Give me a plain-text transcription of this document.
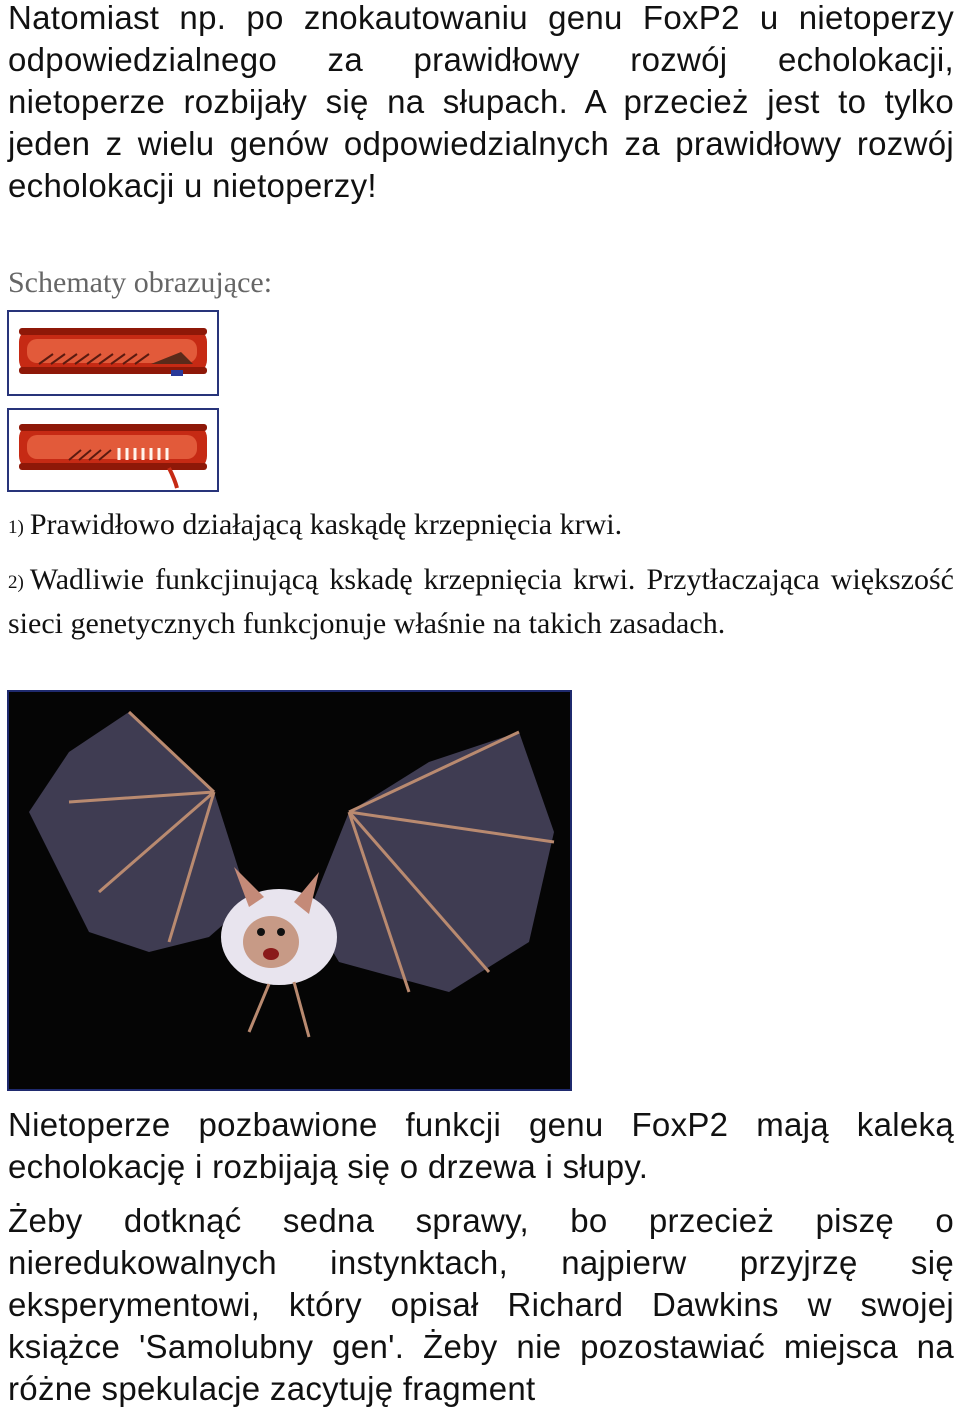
Natomiast np. po znokautowaniu genu FoxP2 u nietoperzy odpowiedzialnego za prawidłowy rozwój echolokacji, nietoperze rozbijały się na słupach. A przecież jest to tylko jeden z wielu genów odpowiedzialnych za prawidłowy rozwój echolokacji u nietoperzy!

Schematy obrazujące:

1) Prawidłowo działającą kaskądę krzepnięcia krwi.

2) Wadliwie funkcjinującą kskadę krzepnięcia krwi. Przytłaczająca większość sieci genetycznych funkcjonuje właśnie na takich zasadach.

Nietoperze pozbawione funkcji genu FoxP2 mają kaleką echolokację i rozbijają się o drzewa i słupy.

Żeby dotknąć sedna sprawy, bo przecież piszę o nieredukowalnych instynktach, najpierw przyjrzę się eksperymentowi, który opisał Richard Dawkins w swojej książce 'Samolubny gen'. Żeby nie pozostawiać miejsca na różne spekulacje zacytuję fragment
